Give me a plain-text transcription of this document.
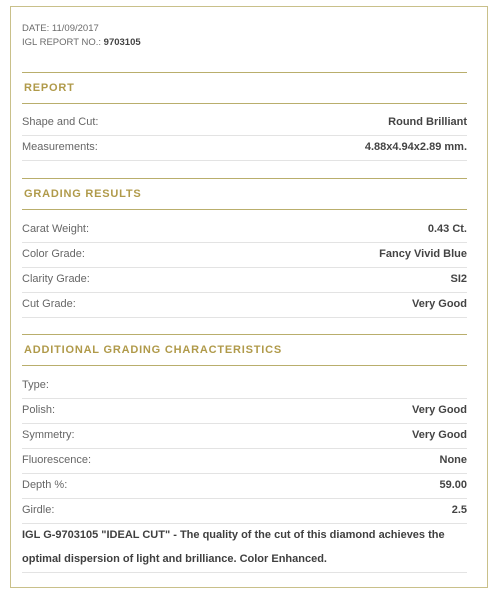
DATE: 11/09/2017
IGL REPORT NO.: 9703105
REPORT
Shape and Cut:	Round Brilliant
Measurements:	4.88x4.94x2.89 mm.
GRADING RESULTS
Carat Weight:	0.43 Ct.
Color Grade:	Fancy Vivid Blue
Clarity Grade:	SI2
Cut Grade:	Very Good
ADDITIONAL GRADING CHARACTERISTICS
Type:
Polish:	Very Good
Symmetry:	Very Good
Fluorescence:	None
Depth %:	59.00
Girdle:	2.5
IGL G-9703105 "IDEAL CUT" - The quality of the cut of this diamond achieves the optimal dispersion of light and brilliance. Color Enhanced.
